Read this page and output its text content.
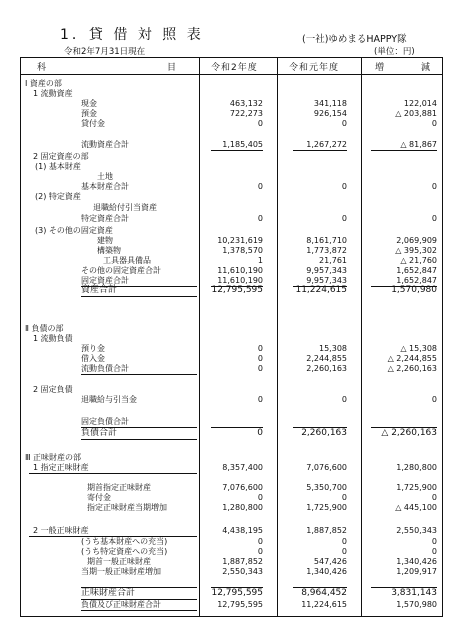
1．貸 借 対 照 表	(一社)ゆめまるHAPPY隊
令和2年7月31日現在	(単位：円)
科	目	令和2年度	令和元年度	増	減
Ⅰ 資産の部
1 流動資産
現金	463,132	341,118	122,014
預金	722,273	926,154	△ 203,881
貸付金	0	0	0
流動資産合計	1,185,405	1,267,272	△ 81,867
2 固定資産の部
(1) 基本財産
土地
基本財産合計	0	0	0
(2) 特定資産
退職給付引当資産
特定資産合計	0	0	0
(3) その他の固定資産
建物	10,231,619	8,161,710	2,069,909
構築物	1,378,570	1,773,872	△ 395,302
工具器具備品	1	21,761	△ 21,760
その他の固定資産合計	11,610,190	9,957,343	1,652,847
固定資産合計	11,610,190	9,957,343	1,652,847
資産合計	12,795,595	11,224,615	1,570,980
Ⅱ 負債の部
1 流動負債
預り金	0	15,308	△ 15,308
借入金	0	2,244,855	△ 2,244,855
流動負債合計	0	2,260,163	△ 2,260,163
2 固定負債
退職給与引当金	0	0	0
固定負債合計
負債合計	0	2,260,163	△ 2,260,163
Ⅲ 正味財産の部
1 指定正味財産	8,357,400	7,076,600	1,280,800
期首指定正味財産	7,076,600	5,350,700	1,725,900
寄付金	0	0	0
指定正味財産当期増加	1,280,800	1,725,900	△ 445,100
2 一般正味財産	4,438,195	1,887,852	2,550,343
(うち基本財産への充当)	0	0	0
(うち特定資産への充当)	0	0	0
期首一般正味財産	1,887,852	547,426	1,340,426
当期一般正味財産増加	2,550,343	1,340,426	1,209,917
正味財産合計	12,795,595	8,964,452	3,831,143
負債及び正味財産合計	12,795,595	11,224,615	1,570,980
